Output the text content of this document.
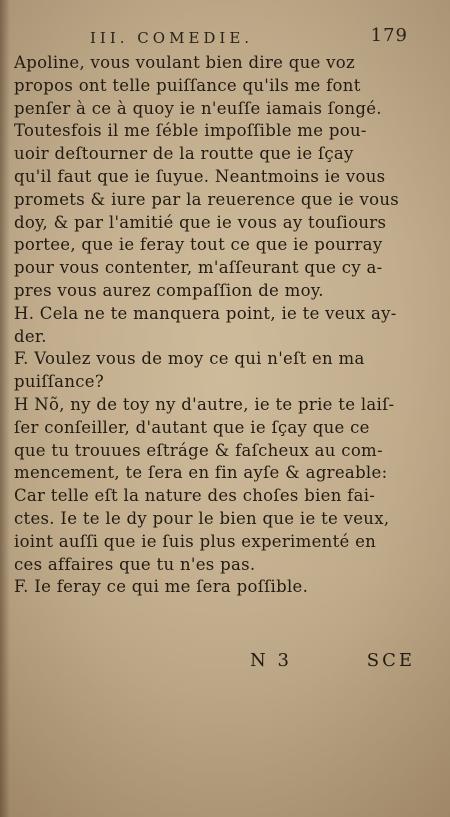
III. COMEDIE.	179
Apoline, vous voulant bien dire que voz
propos ont telle puiſſance qu'ils me font
penſer à ce à quoy ie n'euſſe iamais ſongé.
Toutesfois il me ſéble impoſſible me pou-
uoir deſtourner de la routte que ie ſçay
qu'il faut que ie ſuyue. Neantmoins ie vous
promets & iure par la reuerence que ie vous
doy, & par l'amitié que ie vous ay touſiours
portee, que ie feray tout ce que ie pourray
pour vous contenter, m'aſſeurant que cy a-
pres vous aurez compaſſion de moy.
H. Cela ne te manquera point, ie te veux ay-
der.
F. Voulez vous de moy ce qui n'eſt en ma
puiſſance?
H Nõ, ny de toy ny d'autre, ie te prie te laiſ-
ſer conſeiller, d'autant que ie ſçay que ce
que tu trouues eſtráge & faſcheux au com-
mencement, te ſera en fin ayſe & agreable:
Car telle eſt la nature des choſes bien fai-
ctes. Ie te le dy pour le bien que ie te veux,
ioint auſſi que ie ſuis plus experimenté en
ces affaires que tu n'es pas.
F. Ie feray ce qui me ſera poſſible.
N 3	SCE
